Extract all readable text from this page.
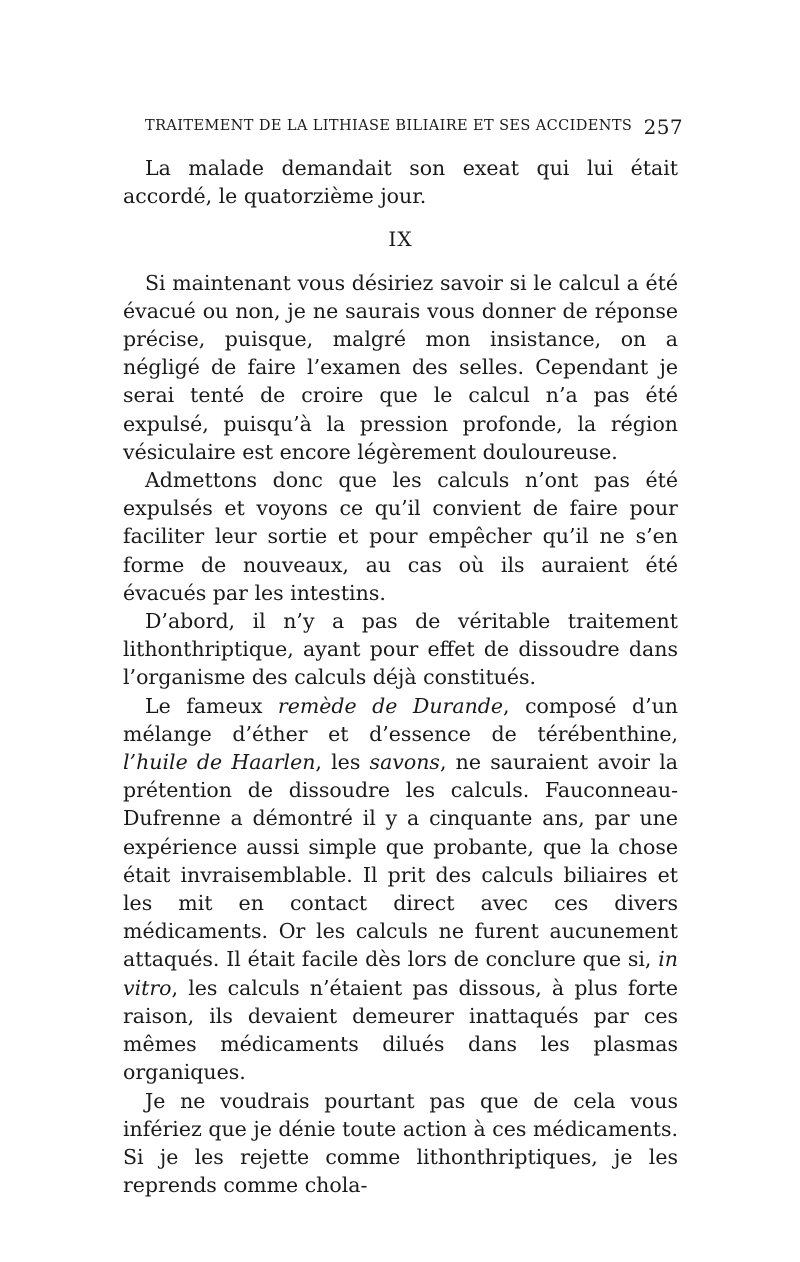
TRAITEMENT DE LA LITHIASE BILIAIRE ET SES ACCIDENTS 257

La malade demandait son exeat qui lui était accordé, le quatorzième jour.

IX

Si maintenant vous désiriez savoir si le calcul a été évacué ou non, je ne saurais vous donner de réponse précise, puisque, malgré mon insistance, on a négligé de faire l’examen des selles. Cependant je serai tenté de croire que le calcul n’a pas été expulsé, puisqu’à la pression profonde, la région vésiculaire est encore légèrement douloureuse.

Admettons donc que les calculs n’ont pas été expulsés et voyons ce qu’il convient de faire pour faciliter leur sortie et pour empêcher qu’il ne s’en forme de nouveaux, au cas où ils auraient été évacués par les intestins.

D’abord, il n’y a pas de véritable traitement lithonthriptique, ayant pour effet de dissoudre dans l’organisme des calculs déjà constitués.

Le fameux remède de Durande, composé d’un mélange d’éther et d’essence de térébenthine, l’huile de Haarlen, les savons, ne sauraient avoir la prétention de dissoudre les calculs. Fauconneau-Dufrenne a démontré il y a cinquante ans, par une expérience aussi simple que probante, que la chose était invraisemblable. Il prit des calculs biliaires et les mit en contact direct avec ces divers médicaments. Or les calculs ne furent aucunement attaqués. Il était facile dès lors de conclure que si, in vitro, les calculs n’étaient pas dissous, à plus forte raison, ils devaient demeurer inattaqués par ces mêmes médicaments dilués dans les plasmas organiques.

Je ne voudrais pourtant pas que de cela vous infériez que je dénie toute action à ces médicaments. Si je les rejette comme lithonthriptiques, je les reprends comme chola-
